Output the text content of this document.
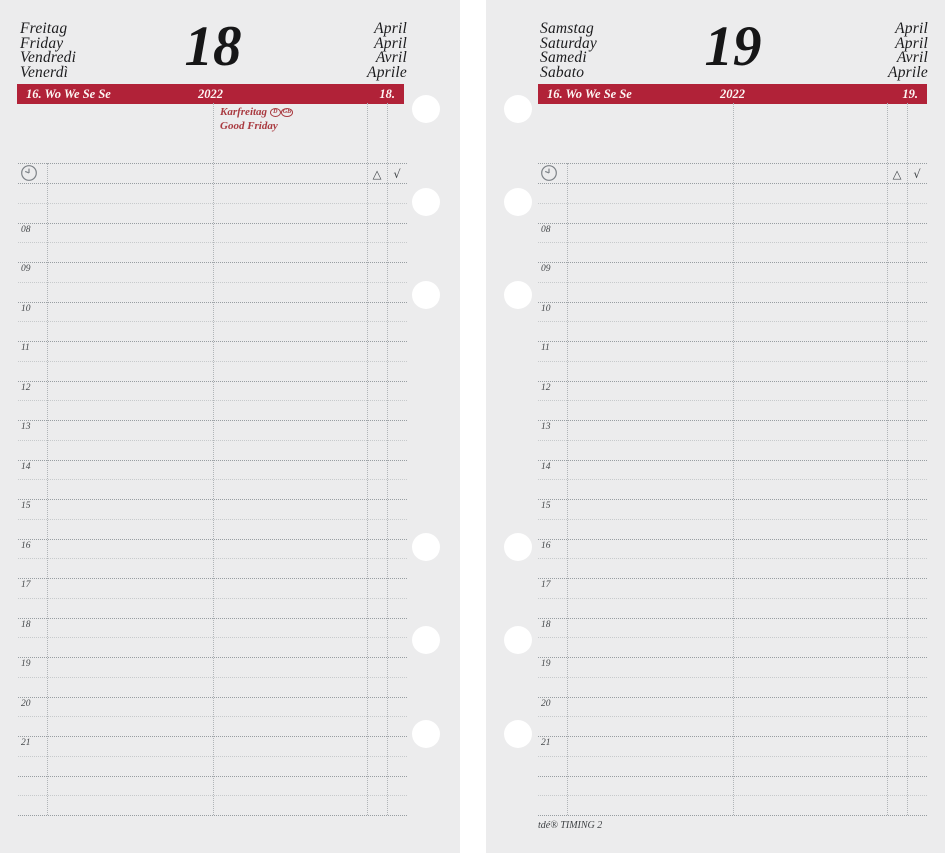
Freitag
Friday
Vendredi
Venerdì	18	April
April
Avril
Aprile
16. Wo We Se Se	2022	18.
Karfreitag D GB
Good Friday
△	√
08
09
10
11
12
13
14
15
16
17
18
19
20
21
Samstag
Saturday
Samedi
Sabato	19	April
April
Avril
Aprile
16. Wo We Se Se	2022	19.
△	√
08
09
10
11
12
13
14
15
16
17
18
19
20
21
tdé® TIMING 2
